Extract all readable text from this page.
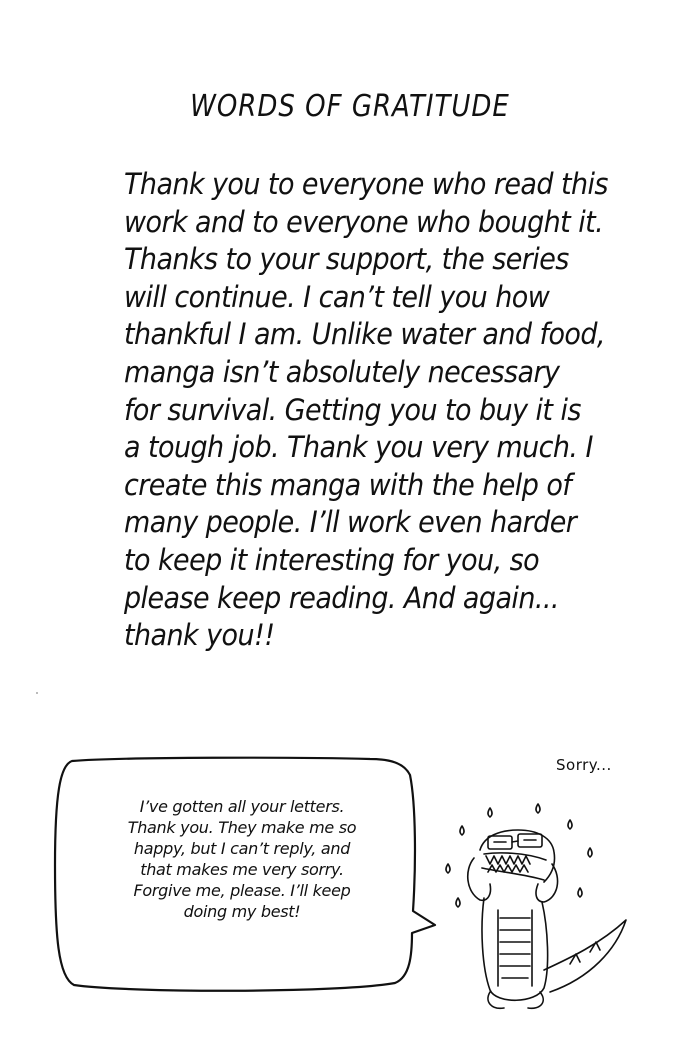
WORDS OF GRATITUDE
Thank you to everyone who read this
work and to everyone who bought it.
Thanks to your support, the series
will continue. I can’t tell you how
thankful I am. Unlike water and food,
manga isn’t absolutely necessary
for survival. Getting you to buy it is
a tough job. Thank you very much. I
create this manga with the help of
many people. I’ll work even harder
to keep it interesting for you, so
please keep reading. And again...
thank you!!
I’ve gotten all your letters.
Thank you. They make me so
happy, but I can’t reply, and
that makes me very sorry.
Forgive me, please. I’ll keep
doing my best!
Sorry...
